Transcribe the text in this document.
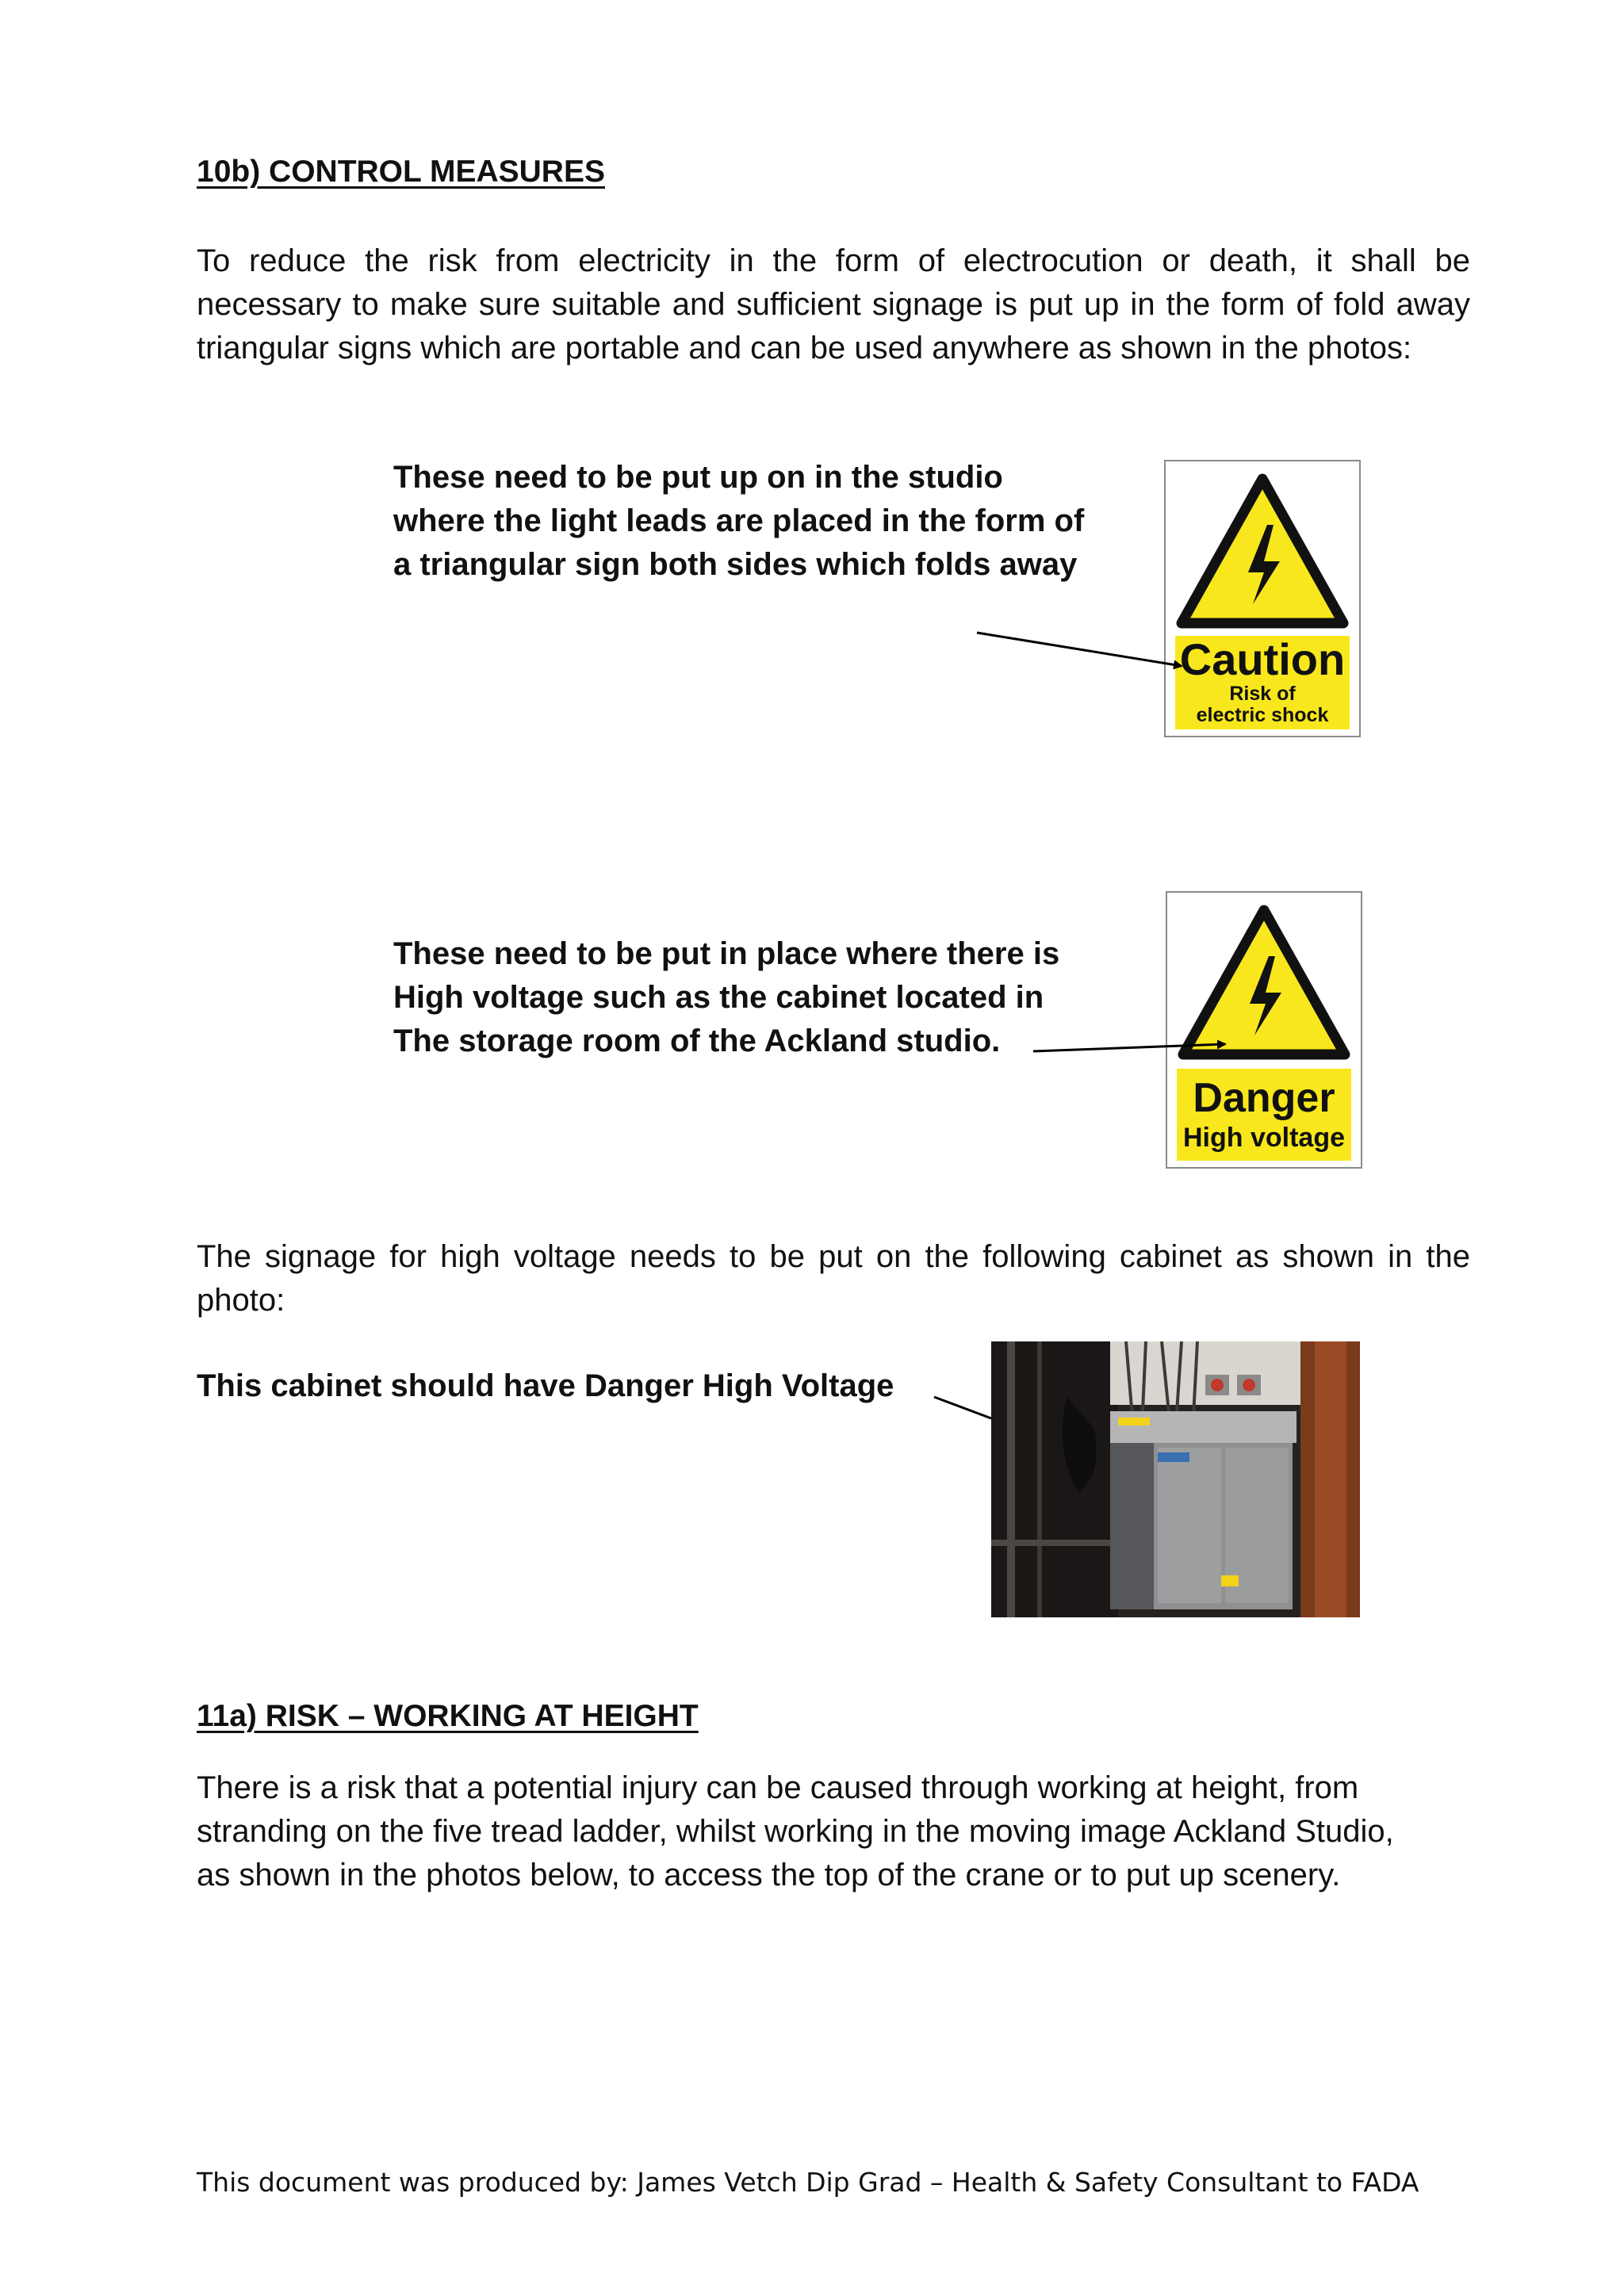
10b) CONTROL MEASURES
To reduce the risk from electricity in the form of electrocution or death, it shall be necessary to make sure suitable and sufficient signage is put up in the form of fold away triangular signs which are portable and can be used anywhere as shown in the photos:
These need to be put up on in the studio where the light leads are placed in the form of a triangular sign both sides which folds away
Caution
Risk of electric shock
These need to be put in place where there is High voltage such as the cabinet located in The storage room of the Ackland studio.
Danger
High voltage
The signage for high voltage needs to be put on the following cabinet as shown in the photo:
This cabinet should have Danger High Voltage
11a) RISK – WORKING AT HEIGHT
There is a risk that a potential injury can be caused through working at height, from stranding on the five tread ladder, whilst working in the moving image Ackland Studio, as shown in the photos below, to access the top of the crane or to put up scenery.
This document was produced by: James Vetch Dip Grad – Health & Safety Consultant to FADA
